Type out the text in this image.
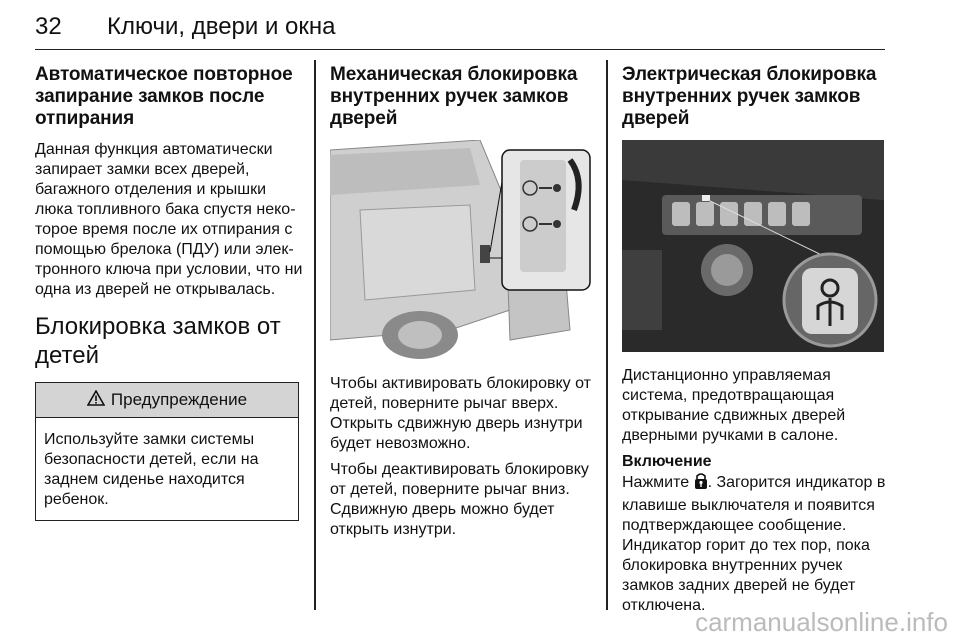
32 Ключи, двери и окна
Автоматическое повторное запирание замков после отпирания

Данная функция автоматически запирает замки всех дверей, багажного отделения и крышки люка топливного бака спустя неко-торое время после их отпирания с помощью брелока (ПДУ) или элек-тронного ключа при условии, что ни одна из дверей не открывалась.

Блокировка замков от детей
Предупреждение
Используйте замки системы безопасности детей, если на заднем сиденье находится ребенок.
Механическая блокировка внутренних ручек замков дверей

Чтобы активировать блокировку от детей, поверните рычаг вверх. Открыть сдвижную дверь изнутри будет невозможно.

Чтобы деактивировать блокировку от детей, поверните рычаг вниз. Сдвижную дверь можно будет открыть изнутри.

Электрическая блокировка внутренних ручек замков дверей

Дистанционно управляемая система, предотвращающая открывание сдвижных дверей дверными ручками в салоне.

Включение

Нажмите . Загорится индикатор в клавише выключателя и появится подтверждающее сообщение. Индикатор горит до тех пор, пока блокировка внутренних ручек замков задних дверей не будет отключена.

carmanualsonline.info
